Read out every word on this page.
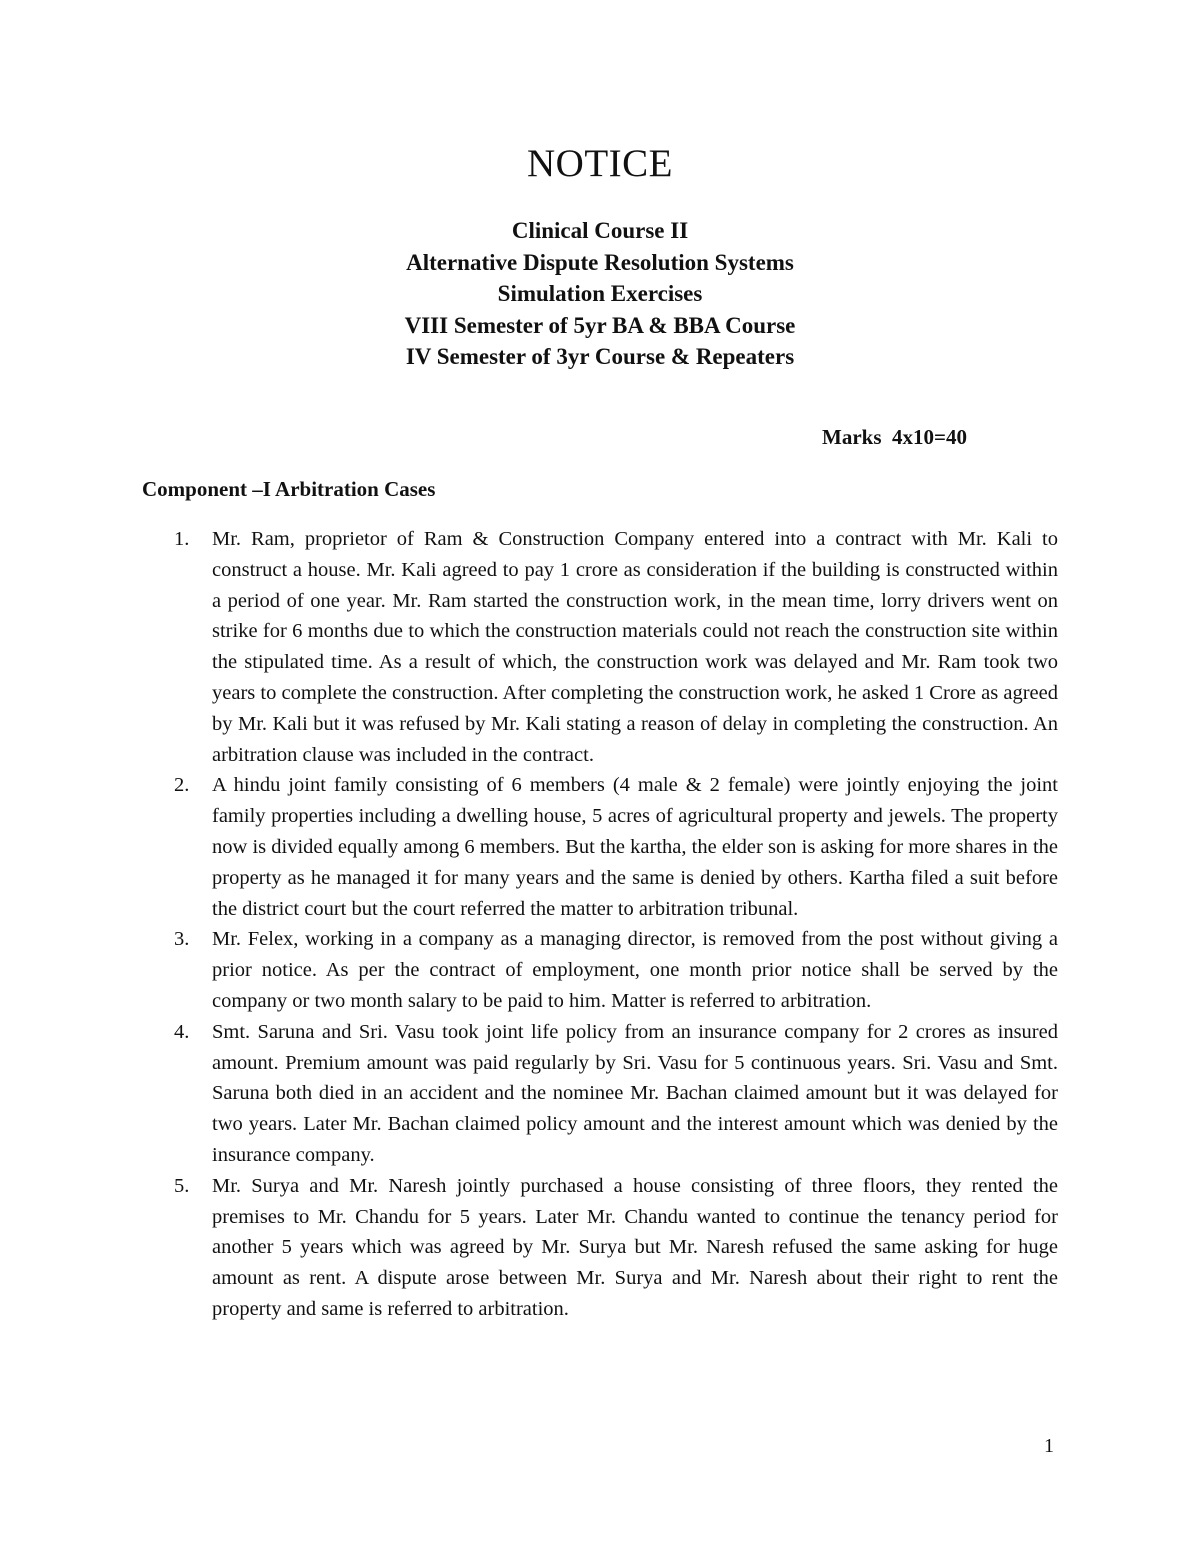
NOTICE
Clinical Course II
Alternative Dispute Resolution Systems
Simulation Exercises
VIII Semester of 5yr BA & BBA Course
IV Semester of 3yr Course & Repeaters
Marks  4x10=40
Component –I Arbitration Cases
1. Mr. Ram, proprietor of Ram & Construction Company entered into a contract with Mr. Kali to construct a house. Mr. Kali agreed to pay 1 crore as consideration if the building is constructed within a period of one year. Mr. Ram started the construction work, in the mean time, lorry drivers went on strike for 6 months due to which the construction materials could not reach the construction site within the stipulated time. As a result of which, the construction work was delayed and Mr. Ram took two years to complete the construction. After completing the construction work, he asked 1 Crore as agreed by Mr. Kali but it was refused by Mr. Kali stating a reason of delay in completing the construction. An arbitration clause was included in the contract.
2. A hindu joint family consisting of 6 members (4 male & 2 female) were jointly enjoying the joint family properties including a dwelling house, 5 acres of agricultural property and jewels. The property now is divided equally among 6 members. But the kartha, the elder son is asking for more shares in the property as he managed it for many years and the same is denied by others. Kartha filed a suit before the district court but the court referred the matter to arbitration tribunal.
3. Mr. Felex, working in a company as a managing director, is removed from the post without giving a prior notice. As per the contract of employment, one month prior notice shall be served by the company or two month salary to be paid to him. Matter is referred to arbitration.
4. Smt. Saruna and Sri. Vasu took joint life policy from an insurance company for 2 crores as insured amount. Premium amount was paid regularly by Sri. Vasu for 5 continuous years. Sri. Vasu and Smt. Saruna both died in an accident and the nominee Mr. Bachan claimed amount but it was delayed for two years. Later Mr. Bachan claimed policy amount and the interest amount which was denied by the insurance company.
5. Mr. Surya and Mr. Naresh jointly purchased a house consisting of three floors, they rented the premises to Mr. Chandu for 5 years. Later Mr. Chandu wanted to continue the tenancy period for another 5 years which was agreed by Mr. Surya but Mr. Naresh refused the same asking for huge amount as rent. A dispute arose between Mr. Surya and Mr. Naresh about their right to rent the property and same is referred to arbitration.
1
